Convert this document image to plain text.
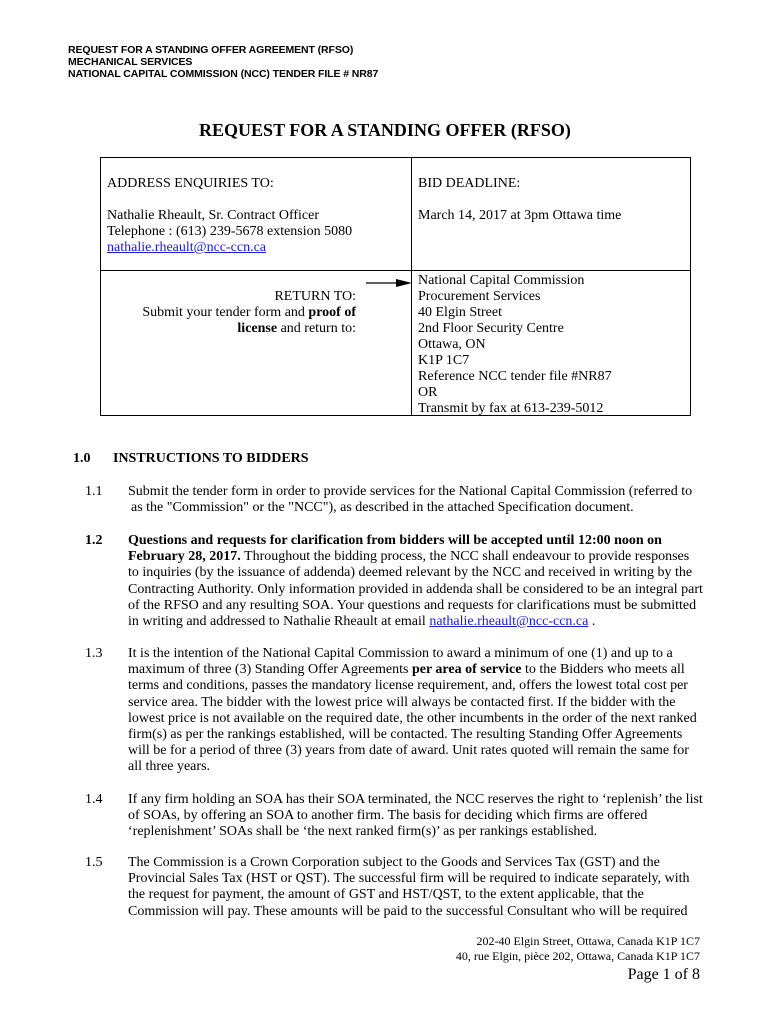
REQUEST FOR A STANDING OFFER AGREEMENT (RFSO)
MECHANICAL SERVICES
NATIONAL CAPITAL COMMISSION (NCC) TENDER FILE # NR87
REQUEST FOR A STANDING OFFER (RFSO)
ADDRESS ENQUIRIES TO:
Nathalie Rheault, Sr. Contract Officer
Telephone : (613) 239-5678 extension 5080
nathalie.rheault@ncc-ccn.ca
BID DEADLINE:
March 14, 2017 at 3pm Ottawa time
RETURN TO:
Submit your tender form and proof of
license and return to:
National Capital Commission
Procurement Services
40 Elgin Street
2nd Floor Security Centre
Ottawa, ON
K1P 1C7
Reference NCC tender file #NR87
OR
Transmit by fax at 613-239-5012
1.0 INSTRUCTIONS TO BIDDERS
1.1 Submit the tender form in order to provide services for the National Capital Commission (referred to
as the "Commission" or the "NCC"), as described in the attached Specification document.
1.2 Questions and requests for clarification from bidders will be accepted until 12:00 noon on February 28, 2017. Throughout the bidding process, the NCC shall endeavour to provide responses to inquiries (by the issuance of addenda) deemed relevant by the NCC and received in writing by the Contracting Authority. Only information provided in addenda shall be considered to be an integral part of the RFSO and any resulting SOA. Your questions and requests for clarifications must be submitted in writing and addressed to Nathalie Rheault at email nathalie.rheault@ncc-ccn.ca .
1.3 It is the intention of the National Capital Commission to award a minimum of one (1) and up to a maximum of three (3) Standing Offer Agreements per area of service to the Bidders who meets all terms and conditions, passes the mandatory license requirement, and, offers the lowest total cost per service area. The bidder with the lowest price will always be contacted first. If the bidder with the lowest price is not available on the required date, the other incumbents in the order of the next ranked firm(s) as per the rankings established, will be contacted. The resulting Standing Offer Agreements will be for a period of three (3) years from date of award. Unit rates quoted will remain the same for all three years.
1.4 If any firm holding an SOA has their SOA terminated, the NCC reserves the right to ‘replenish’ the list of SOAs, by offering an SOA to another firm. The basis for deciding which firms are offered ‘replenishment’ SOAs shall be ‘the next ranked firm(s)’ as per rankings established.
1.5 The Commission is a Crown Corporation subject to the Goods and Services Tax (GST) and the Provincial Sales Tax (HST or QST). The successful firm will be required to indicate separately, with the request for payment, the amount of GST and HST/QST, to the extent applicable, that the Commission will pay. These amounts will be paid to the successful Consultant who will be required
202-40 Elgin Street, Ottawa, Canada K1P 1C7
40, rue Elgin, pièce 202, Ottawa, Canada K1P 1C7
Page 1 of 8
